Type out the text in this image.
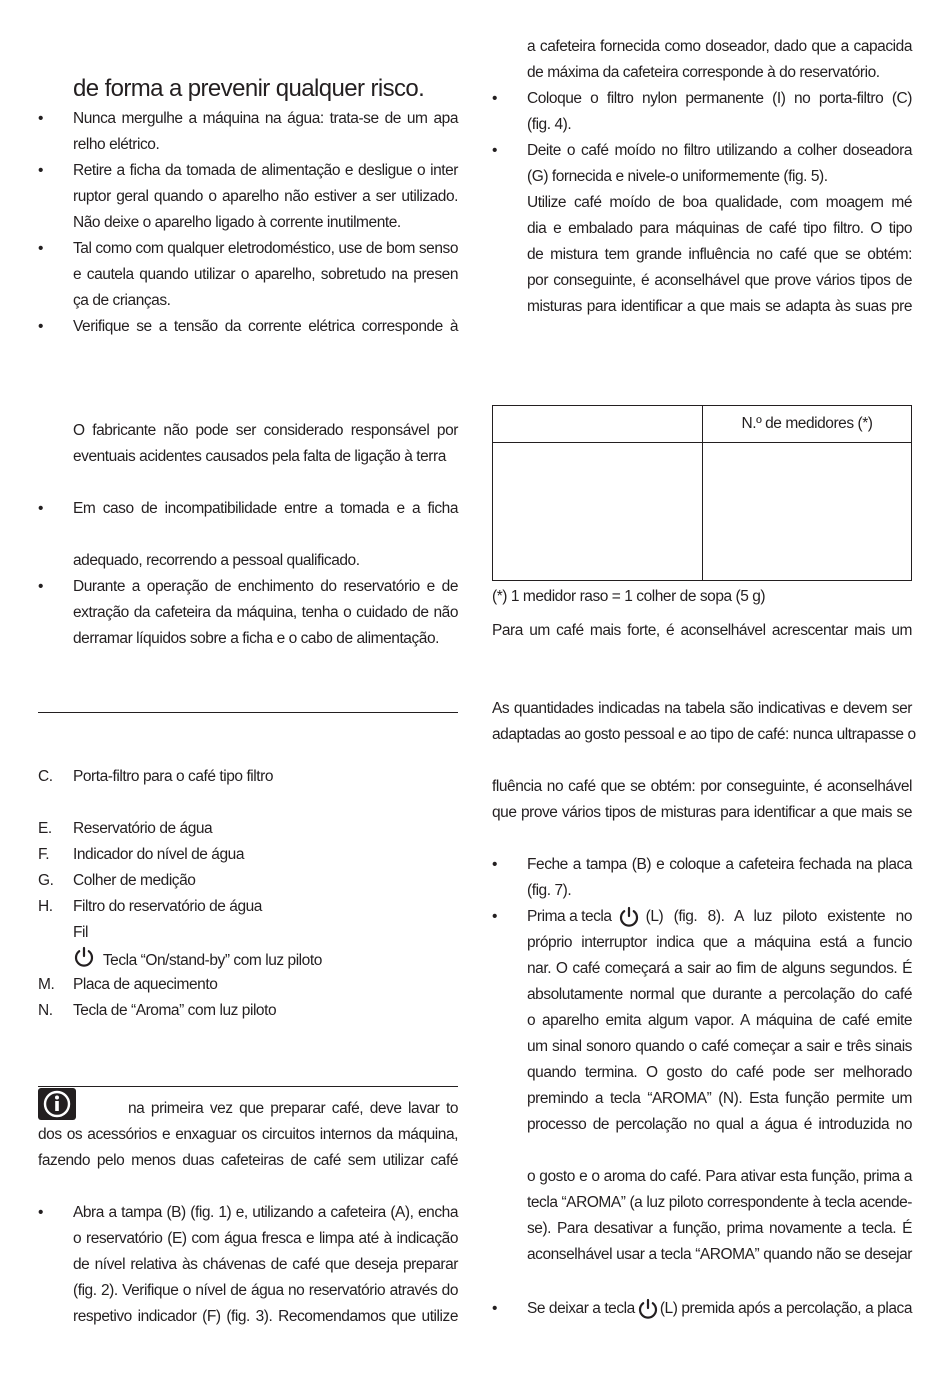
de forma a prevenir qualquer risco.
•	Nunca mergulhe a máquina na água: trata-se de um apa
relho elétrico.
•	Retire a ficha da tomada de alimentação e desligue o inter
ruptor geral quando o aparelho não estiver a ser utilizado.
Não deixe o aparelho ligado à corrente inutilmente.
•	Tal como com qualquer eletrodoméstico, use de bom senso
e cautela quando utilizar o aparelho, sobretudo na presen
ça de crianças.
•	Verifique se a tensão da corrente elétrica corresponde à
O fabricante não pode ser considerado responsável por
eventuais acidentes causados pela falta de ligação à terra
•	Em caso de incompatibilidade entre a tomada e a ficha
adequado, recorrendo a pessoal qualificado.
•	Durante a operação de enchimento do reservatório e de
extração da cafeteira da máquina, tenha o cuidado de não
derramar líquidos sobre a ficha e o cabo de alimentação.
C.	Porta-filtro para o café tipo filtro
E.	Reservatório de água
F.	Indicador do nível de água
G.	Colher de medição
H.	Filtro do reservatório de água
Fil
Tecla “On/stand-by” com luz piloto
M.	Placa de aquecimento
N.	Tecla de “Aroma” com luz piloto
na primeira vez que preparar café, deve lavar to
dos os acessórios e enxaguar os circuitos internos da máquina,
fazendo pelo menos duas cafeteiras de café sem utilizar café
•	Abra a tampa (B) (fig. 1) e, utilizando a cafeteira (A), encha
o reservatório (E) com água fresca e limpa até à indicação
de nível relativa às chávenas de café que deseja preparar
(fig. 2). Verifique o nível de água no reservatório através do
respetivo indicador (F) (fig. 3). Recomendamos que utilize
a cafeteira fornecida como doseador, dado que a capacida
de máxima da cafeteira corresponde à do reservatório.
•	Coloque o filtro nylon permanente (I) no porta-filtro (C)
(fig. 4).
•	Deite o café moído no filtro utilizando a colher doseadora
(G) fornecida e nivele-o uniformemente (fig. 5).
Utilize café moído de boa qualidade, com moagem mé
dia e embalado para máquinas de café tipo filtro. O tipo
de mistura tem grande influência no café que se obtém:
por conseguinte, é aconselhável que prove vários tipos de
misturas para identificar a que mais se adapta às suas pre
(*) 1 medidor raso = 1 colher de sopa (5 g)
Para um café mais forte, é aconselhável acrescentar mais um
As quantidades indicadas na tabela são indicativas e devem ser
adaptadas ao gosto pessoal e ao tipo de café: nunca ultrapasse o
fluência no café que se obtém: por conseguinte, é aconselhável
que prove vários tipos de misturas para identificar a que mais se
•	Feche a tampa (B) e coloque a cafeteira fechada na placa
(fig. 7).
•	Prima a tecla (L)  (fig.  8).  A  luz  piloto  existente  no
próprio interruptor indica que a máquina está a funcio
nar. O café começará a sair ao fim de alguns segundos. É
absolutamente normal que durante a percolação do café
o aparelho emita algum vapor. A máquina de café emite
um sinal sonoro quando o café começar a sair e três sinais
quando termina. O gosto do café pode ser melhorado
premindo a tecla “AROMA” (N). Esta função permite um
processo de percolação no qual a água é introduzida no
o gosto e o aroma do café. Para ativar esta função, prima a
tecla “AROMA” (a luz piloto correspondente à tecla acende-
se). Para desativar a função, prima novamente a tecla. É
aconselhável usar a tecla “AROMA” quando não se desejar
•	Se deixar a tecla (L) premida após a percolação, a placa
	N.º de medidores (*)
